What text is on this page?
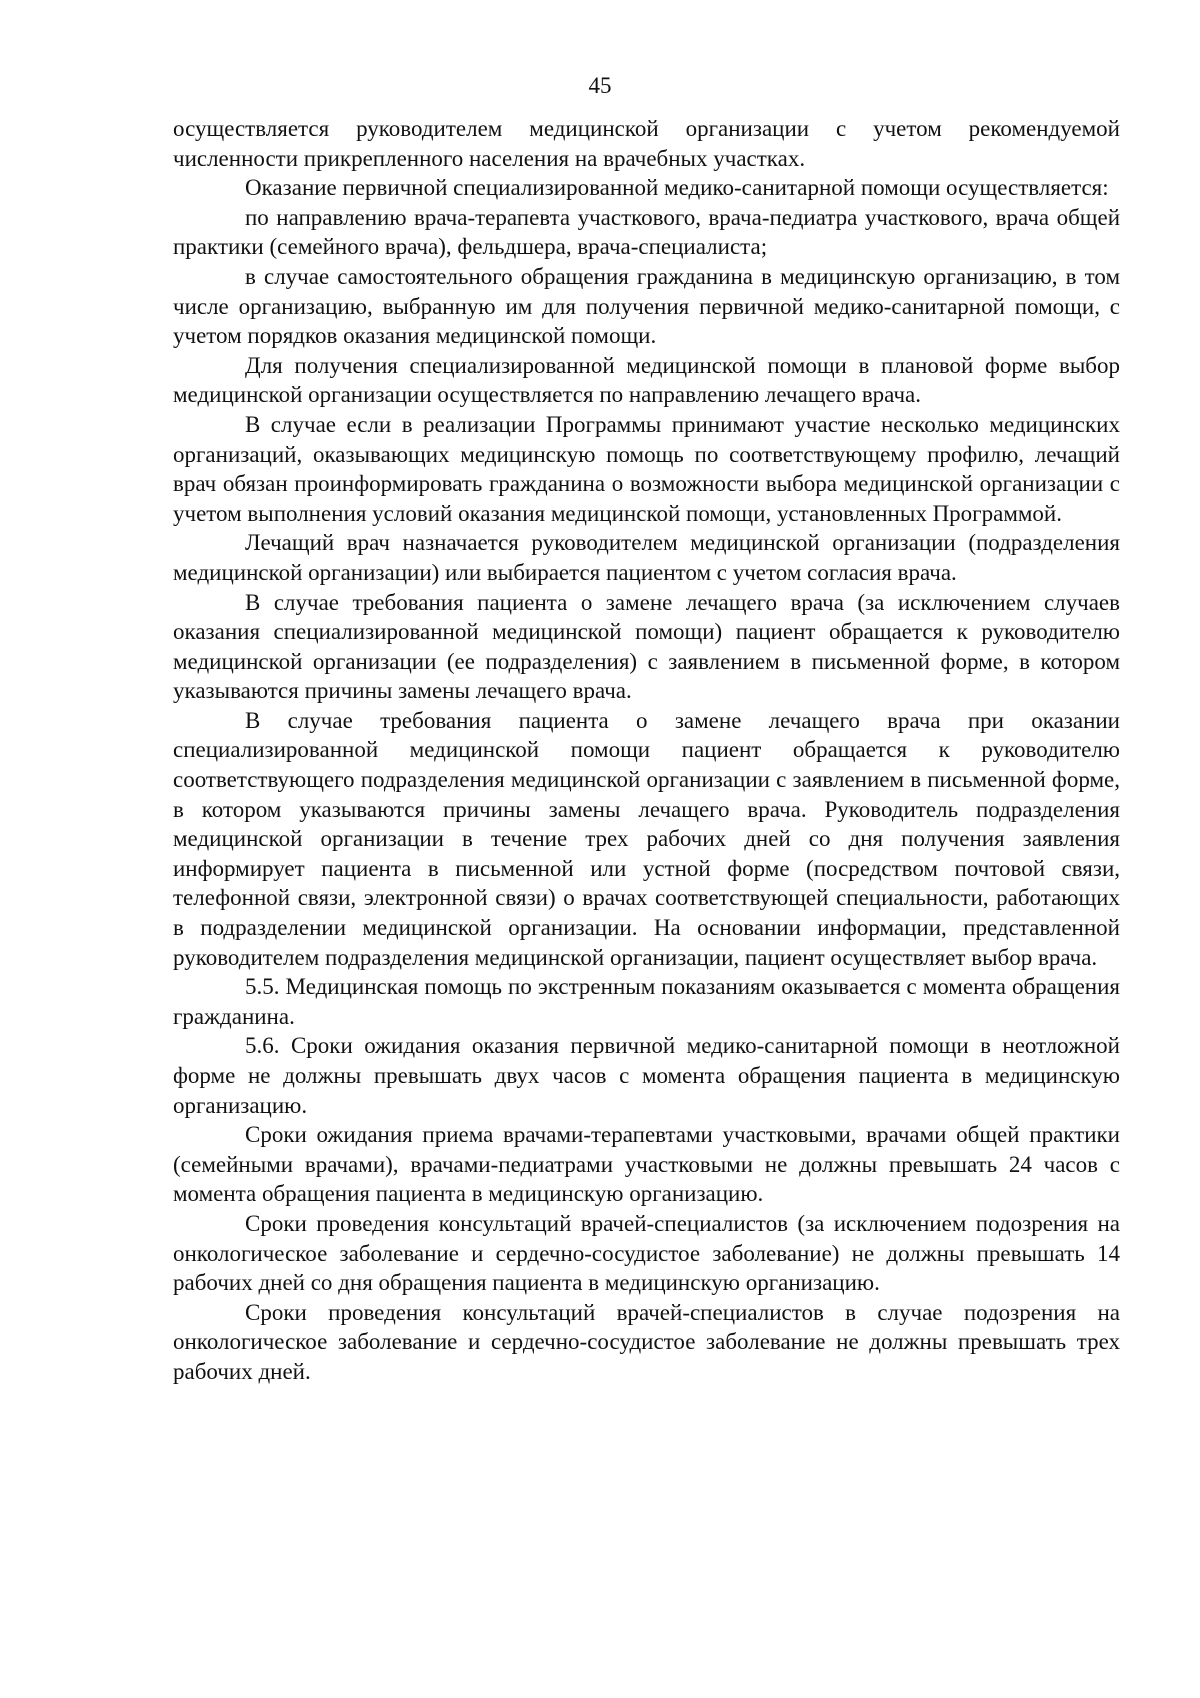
45

осуществляется руководителем медицинской организации с учетом рекомендуемой численности прикрепленного населения на врачебных участках.

Оказание первичной специализированной медико-санитарной помощи осуществляется:

по направлению врача-терапевта участкового, врача-педиатра участкового, врача общей практики (семейного врача), фельдшера, врача-специалиста;

в случае самостоятельного обращения гражданина в медицинскую организацию, в том числе организацию, выбранную им для получения первичной медико-санитарной помощи, с учетом порядков оказания медицинской помощи.

Для получения специализированной медицинской помощи в плановой форме выбор медицинской организации осуществляется по направлению лечащего врача.

В случае если в реализации Программы принимают участие несколько медицинских организаций, оказывающих медицинскую помощь по соответствующему профилю, лечащий врач обязан проинформировать гражданина о возможности выбора медицинской организации с учетом выполнения условий оказания медицинской помощи, установленных Программой.

Лечащий врач назначается руководителем медицинской организации (подразделения медицинской организации) или выбирается пациентом с учетом согласия врача.

В случае требования пациента о замене лечащего врача (за исключением случаев оказания специализированной медицинской помощи) пациент обращается к руководителю медицинской организации (ее подразделения) с заявлением в письменной форме, в котором указываются причины замены лечащего врача.

В случае требования пациента о замене лечащего врача при оказании специализированной медицинской помощи пациент обращается к руководителю соответствующего подразделения медицинской организации с заявлением в письменной форме, в котором указываются причины замены лечащего врача. Руководитель подразделения медицинской организации в течение трех рабочих дней со дня получения заявления информирует пациента в письменной или устной форме (посредством почтовой связи, телефонной связи, электронной связи) о врачах соответствующей специальности, работающих в подразделении медицинской организации. На основании информации, представленной руководителем подразделения медицинской организации, пациент осуществляет выбор врача.

5.5. Медицинская помощь по экстренным показаниям оказывается с момента обращения гражданина.

5.6. Сроки ожидания оказания первичной медико-санитарной помощи в неотложной форме не должны превышать двух часов с момента обращения пациента в медицинскую организацию.

Сроки ожидания приема врачами-терапевтами участковыми, врачами общей практики (семейными врачами), врачами-педиатрами участковыми не должны превышать 24 часов с момента обращения пациента в медицинскую организацию.

Сроки проведения консультаций врачей-специалистов (за исключением подозрения на онкологическое заболевание и сердечно-сосудистое заболевание) не должны превышать 14 рабочих дней со дня обращения пациента в медицинскую организацию.

Сроки проведения консультаций врачей-специалистов в случае подозрения на онкологическое заболевание и сердечно-сосудистое заболевание не должны превышать трех рабочих дней.
